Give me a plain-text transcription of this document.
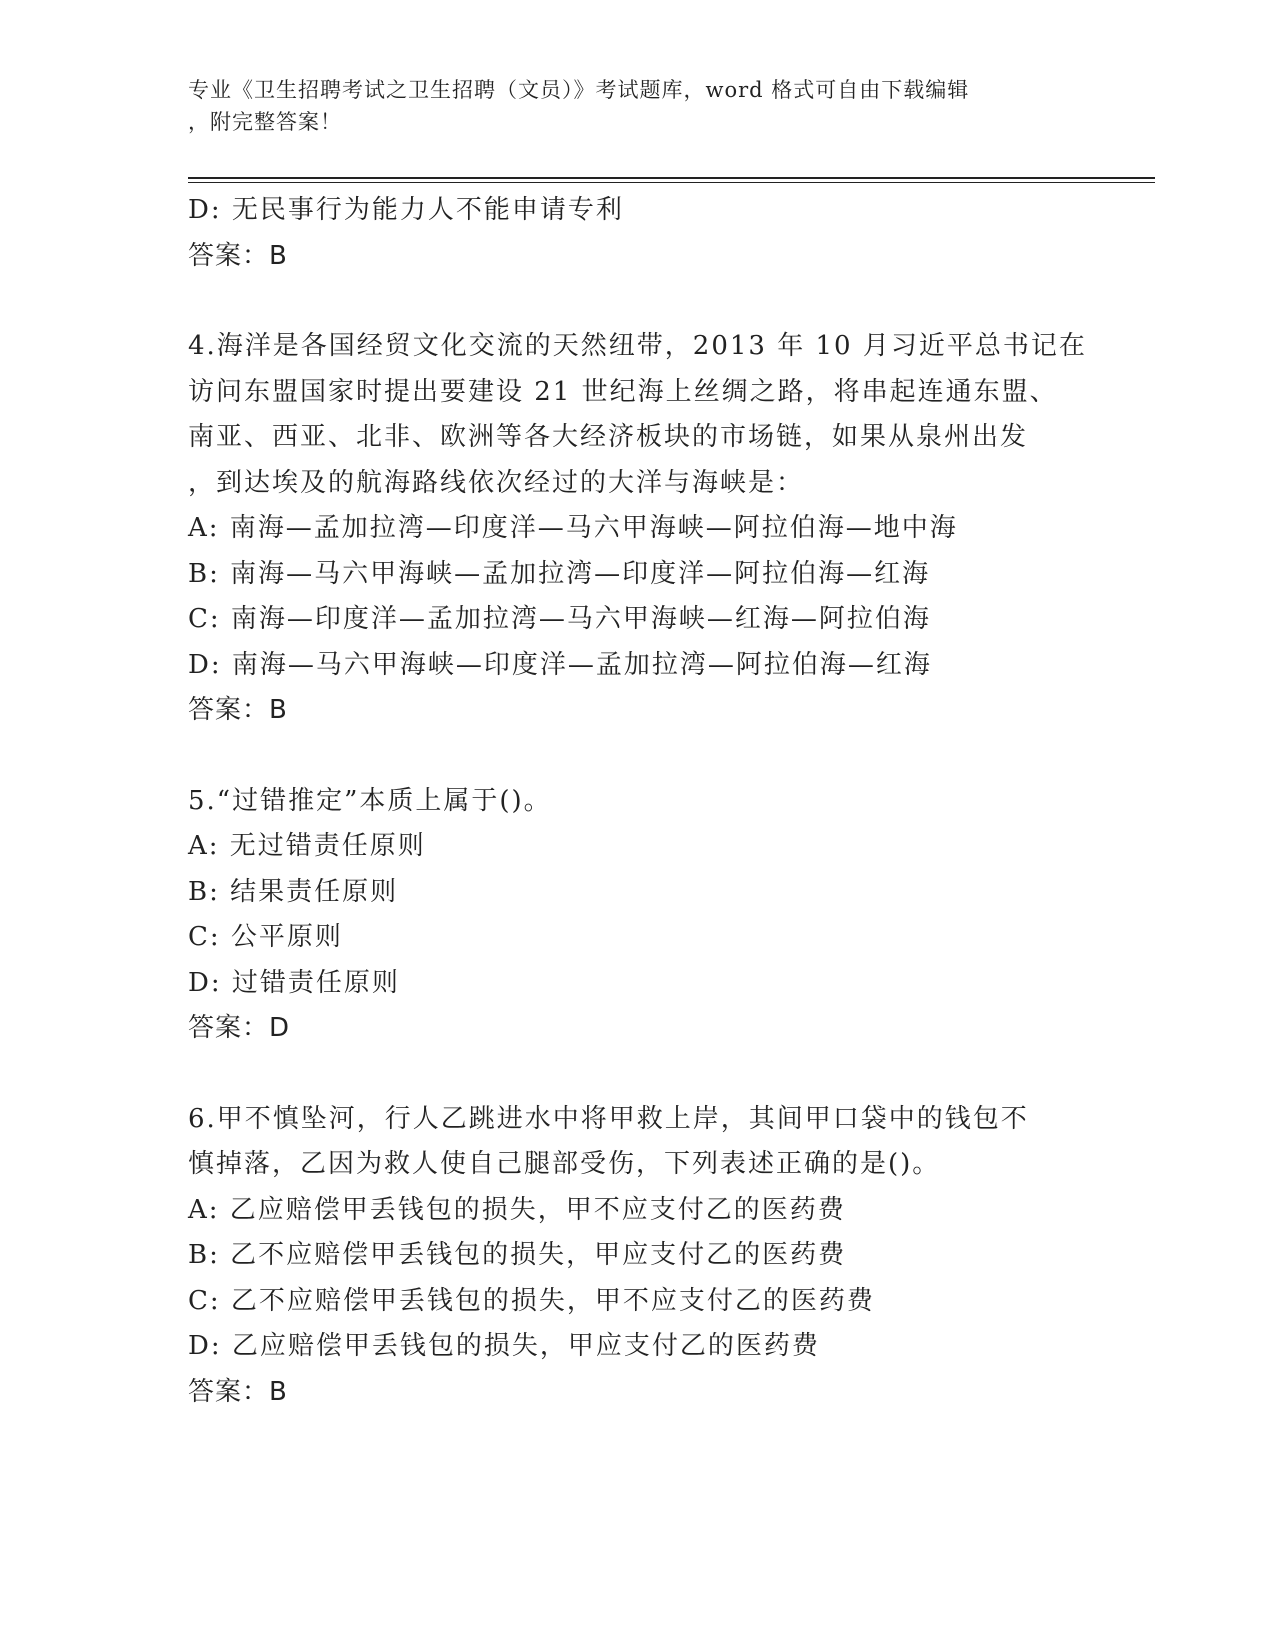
专业《卫生招聘考试之卫生招聘（文员）》考试题库，word 格式可自由下载编辑
，附完整答案！
D: 无民事行为能力人不能申请专利
答案：B
4.海洋是各国经贸文化交流的天然纽带，2013 年 10 月习近平总书记在
访问东盟国家时提出要建设 21 世纪海上丝绸之路，将串起连通东盟、
南亚、西亚、北非、欧洲等各大经济板块的市场链，如果从泉州出发
，到达埃及的航海路线依次经过的大洋与海峡是：
A: 南海—孟加拉湾—印度洋—马六甲海峡—阿拉伯海—地中海
B: 南海—马六甲海峡—孟加拉湾—印度洋—阿拉伯海—红海
C: 南海—印度洋—孟加拉湾—马六甲海峡—红海—阿拉伯海
D: 南海—马六甲海峡—印度洋—孟加拉湾—阿拉伯海—红海
答案：B
5.“过错推定”本质上属于()。
A: 无过错责任原则
B: 结果责任原则
C: 公平原则
D: 过错责任原则
答案：D
6.甲不慎坠河，行人乙跳进水中将甲救上岸，其间甲口袋中的钱包不
慎掉落，乙因为救人使自己腿部受伤，下列表述正确的是()。
A: 乙应赔偿甲丢钱包的损失，甲不应支付乙的医药费
B: 乙不应赔偿甲丢钱包的损失，甲应支付乙的医药费
C: 乙不应赔偿甲丢钱包的损失，甲不应支付乙的医药费
D: 乙应赔偿甲丢钱包的损失，甲应支付乙的医药费
答案：B
